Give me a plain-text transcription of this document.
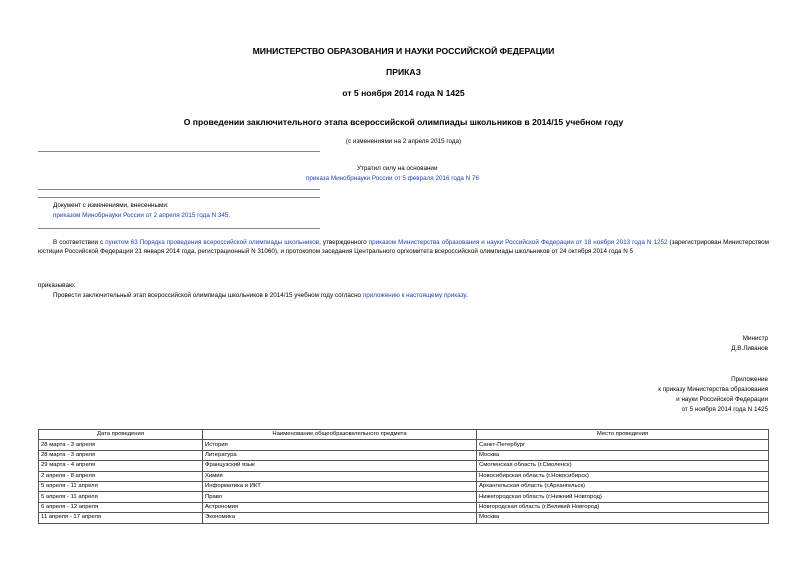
МИНИСТЕРСТВО ОБРАЗОВАНИЯ И НАУКИ РОССИЙСКОЙ ФЕДЕРАЦИИ
ПРИКАЗ
от 5 ноября 2014 года N 1425
О проведении заключительного этапа всероссийской олимпиады школьников в 2014/15 учебном году
(с изменениями на 2 апреля 2015 года)
Утратил силу на основании
приказа Минобрнауки России от 5 февраля 2016 года N 76
Документ с изменениями, внесенными:
приказом Минобрнауки России от 2 апреля 2015 года N 345.
В соответствии с пунктом 63 Порядка проведения всероссийской олимпиады школьников, утвержденного приказом Министерства образования и науки Российской Федерации от 18 ноября 2013 года N 1252 (зарегистрирован Министерством юстиции Российской Федерации 21 января 2014 года, регистрационный N 31060), и протоколом заседания Центрального оргкомитета всероссийской олимпиады школьников от 24 октября 2014 года N 5
приказываю:
Провести заключительный этап всероссийской олимпиады школьников в 2014/15 учебном году согласно приложению к настоящему приказу.
Министр
Д.В.Ливанов
Приложение
к приказу Министерства образования
и науки Российской Федерации
от 5 ноября 2014 года N 1425
Дата проведения	Наименование общеобразовательного предмета	Место проведения
28 марта - 3 апреля	История	Санкт-Петербург
28 марта - 3 апреля	Литература	Москва
29 марта - 4 апреля	Французский язык	Смоленская область (г.Смоленск)
2 апреля - 8 апреля	Химия	Новосибирская область (г.Новосибирск)
5 апреля - 11 апреля	Информатика и ИКТ	Архангельская область (г.Архангельск)
5 апреля - 11 апреля	Право	Нижегородская область (г.Нижний Новгород)
6 апреля - 12 апреля	Астрономия	Новгородская область (г.Великий Новгород)
11 апреля - 17 апреля	Экономика	Москва
